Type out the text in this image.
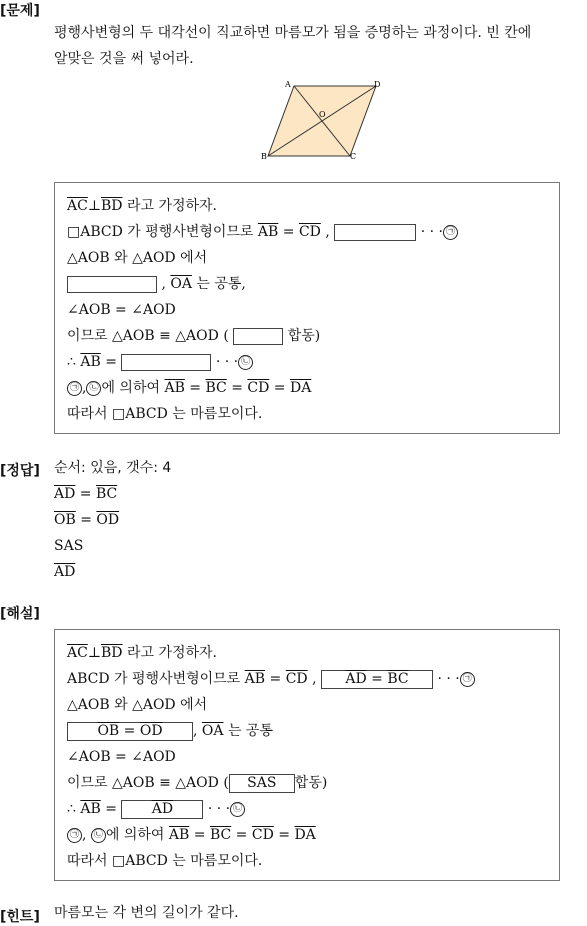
[문제]
평행사변형의 두 대각선이 직교하면 마름모가 됨을 증명하는 과정이다. 빈 칸에
알맞은 것을 써 넣어라.
A	D
B	C
O
$\overline{AC}\perp\overline{BD}$ 라고 가정하자.
□ABCD 가 평행사변형이므로 $\overline{AB} = \overline{CD}$ ,	· · · ㉠
△AOB 와 △AOD 에서
, $\overline{OA}$ 는 공통,
∠AOB = ∠AOD
이므로 △AOB ≡ △AOD (	합동)
∴ $\overline{AB}$ =	· · · ㉡
㉠ , ㉡ 에 의하여 $\overline{AB} = \overline{BC} = \overline{CD} = \overline{DA}$
따라서 □ABCD 는 마름모이다.
[정답] 순서: 있음, 갯수: 4
$\overline{AD} = \overline{BC}$
$\overline{OB} = \overline{OD}$
SAS
$\overline{AD}$
[해설]
$\overline{AC}\perp\overline{BD}$ 라고 가정하자.
ABCD 가 평행사변형이므로 $\overline{AB} = \overline{CD}$ , $\overline{AD} = \overline{BC}$ · · · ㉠
△AOB 와 △AOD 에서
$\overline{OB} = \overline{OD}$ , $\overline{OA}$ 는 공통
∠AOB = ∠AOD
이므로 △AOB ≡ △AOD ( SAS 합동)
∴ $\overline{AB} = \overline{AD}$ · · · ㉡
㉠ , ㉡ 에 의하여 $\overline{AB} = \overline{BC} = \overline{CD} = \overline{DA}$
따라서 □ABCD 는 마름모이다.
[힌트] 마름모는 각 변의 길이가 같다.
